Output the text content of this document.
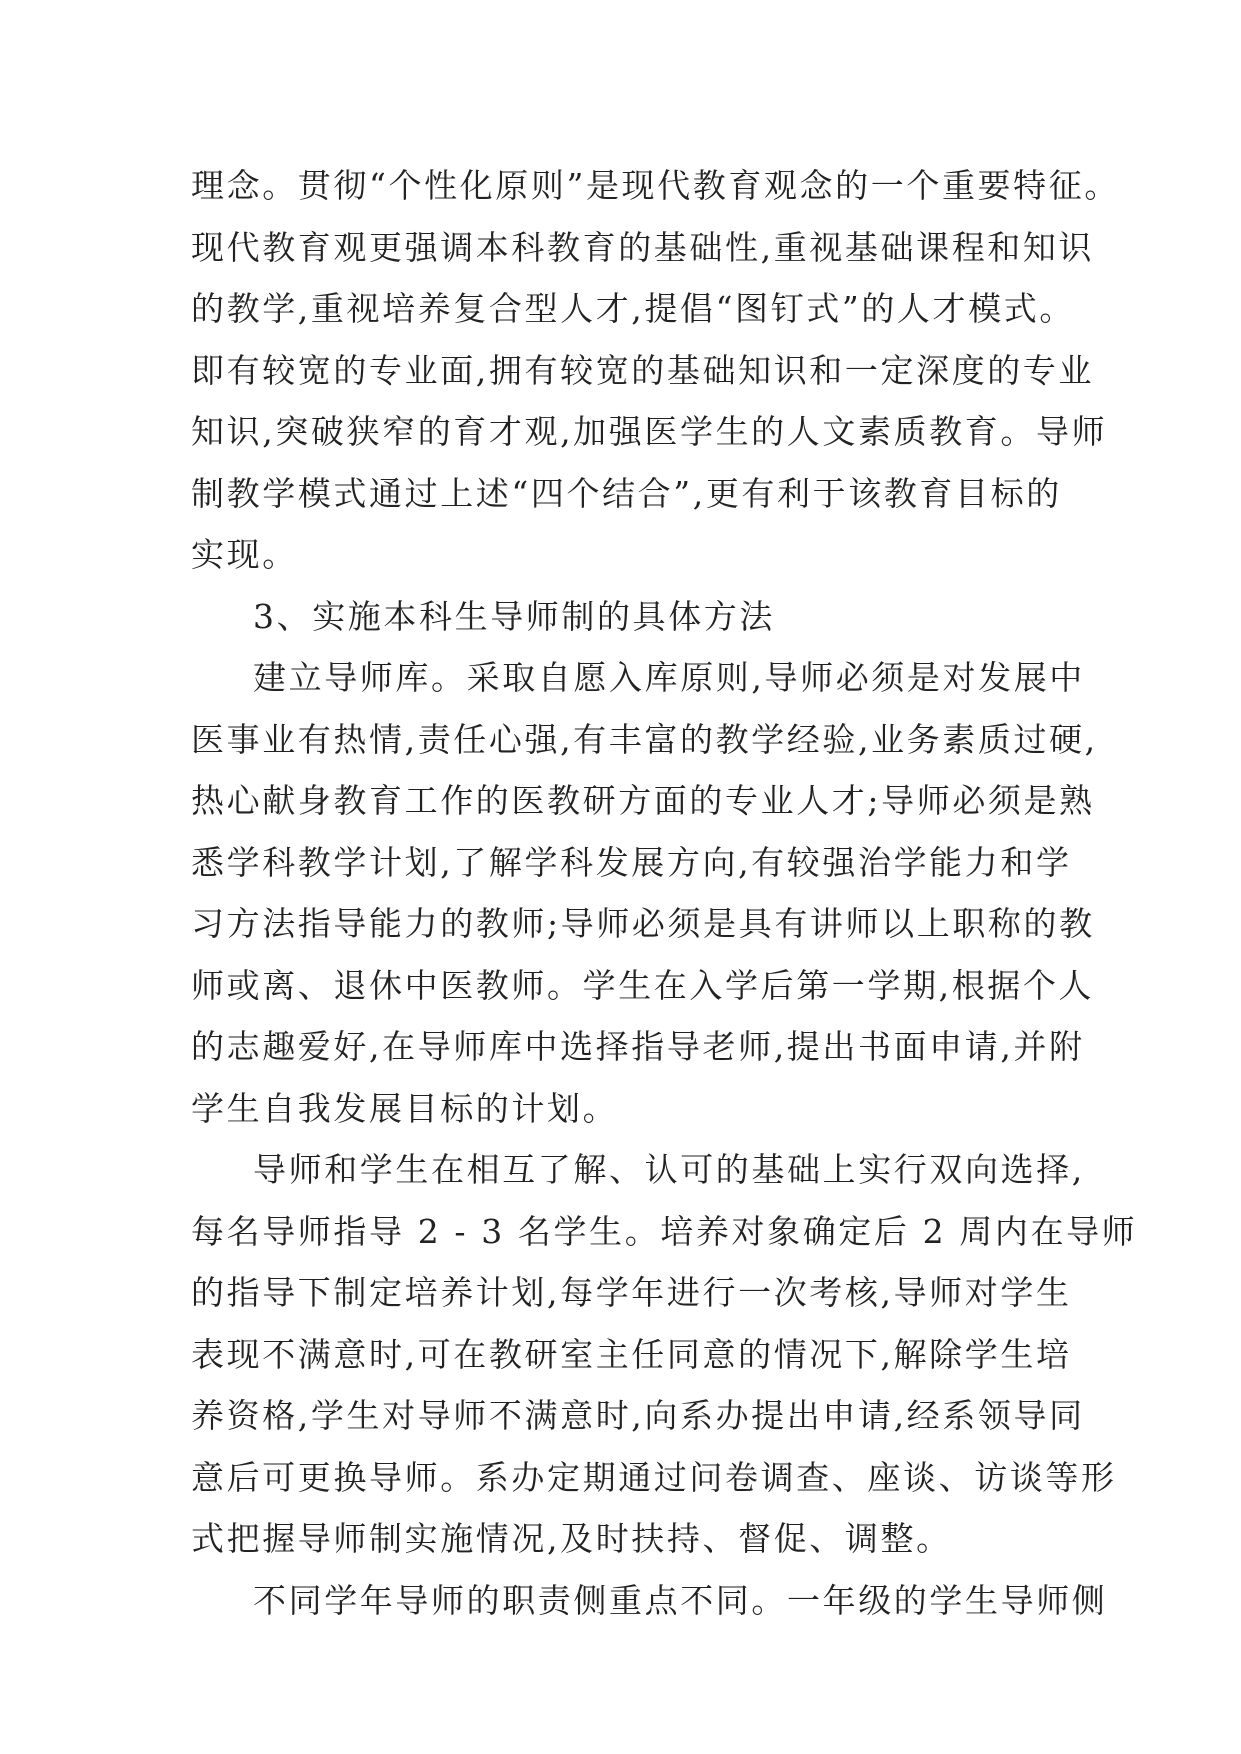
理念。贯彻“个性化原则”是现代教育观念的一个重要特征。
现代教育观更强调本科教育的基础性,重视基础课程和知识
的教学,重视培养复合型人才,提倡“图钉式”的人才模式。
即有较宽的专业面,拥有较宽的基础知识和一定深度的专业
知识,突破狭窄的育才观,加强医学生的人文素质教育。导师
制教学模式通过上述“四个结合”,更有利于该教育目标的
实现。
3、实施本科生导师制的具体方法
建立导师库。采取自愿入库原则,导师必须是对发展中
医事业有热情,责任心强,有丰富的教学经验,业务素质过硬,
热心献身教育工作的医教研方面的专业人才;导师必须是熟
悉学科教学计划,了解学科发展方向,有较强治学能力和学
习方法指导能力的教师;导师必须是具有讲师以上职称的教
师或离、退休中医教师。学生在入学后第一学期,根据个人
的志趣爱好,在导师库中选择指导老师,提出书面申请,并附
学生自我发展目标的计划。
导师和学生在相互了解、认可的基础上实行双向选择,
每名导师指导 2 - 3 名学生。培养对象确定后 2 周内在导师
的指导下制定培养计划,每学年进行一次考核,导师对学生
表现不满意时,可在教研室主任同意的情况下,解除学生培
养资格,学生对导师不满意时,向系办提出申请,经系领导同
意后可更换导师。系办定期通过问卷调查、座谈、访谈等形
式把握导师制实施情况,及时扶持、督促、调整。
不同学年导师的职责侧重点不同。一年级的学生导师侧
